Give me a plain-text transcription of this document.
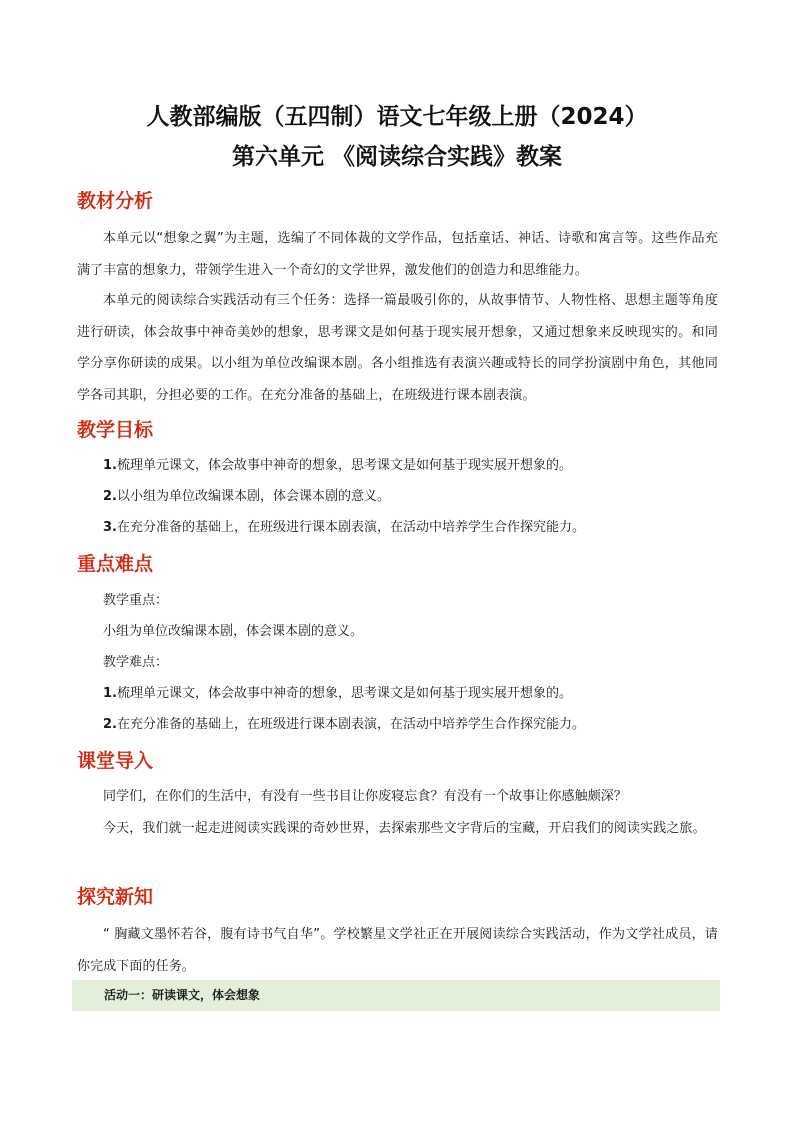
人教部编版（五四制）语文七年级上册（2024）
第六单元 《阅读综合实践》教案
教材分析
本单元以“想象之翼”为主题，选编了不同体裁的文学作品，包括童话、神话、诗歌和寓言等。这些作品充满了丰富的想象力，带领学生进入一个奇幻的文学世界，激发他们的创造力和思维能力。
本单元的阅读综合实践活动有三个任务：选择一篇最吸引你的，从故事情节、人物性格、思想主题等角度进行研读，体会故事中神奇美妙的想象，思考课文是如何基于现实展开想象，又通过想象来反映现实的。和同学分享你研读的成果。以小组为单位改编课本剧。各小组推选有表演兴趣或特长的同学扮演剧中角色，其他同学各司其职，分担必要的工作。在充分准备的基础上，在班级进行课本剧表演。
教学目标
1.梳理单元课文，体会故事中神奇的想象，思考课文是如何基于现实展开想象的。
2.以小组为单位改编课本剧，体会课本剧的意义。
3.在充分准备的基础上，在班级进行课本剧表演，在活动中培养学生合作探究能力。
重点难点
教学重点：
小组为单位改编课本剧，体会课本剧的意义。
教学难点：
1.梳理单元课文，体会故事中神奇的想象，思考课文是如何基于现实展开想象的。
2.在充分准备的基础上，在班级进行课本剧表演，在活动中培养学生合作探究能力。
课堂导入
同学们，在你们的生活中，有没有一些书目让你废寝忘食？有没有一个故事让你感触颇深？
今天，我们就一起走进阅读实践课的奇妙世界，去探索那些文字背后的宝藏，开启我们的阅读实践之旅。
探究新知
“ 胸藏文墨怀若谷，腹有诗书气自华”。学校繁星文学社正在开展阅读综合实践活动，作为文学社成员，请你完成下面的任务。
活动一：研读课文，体会想象
